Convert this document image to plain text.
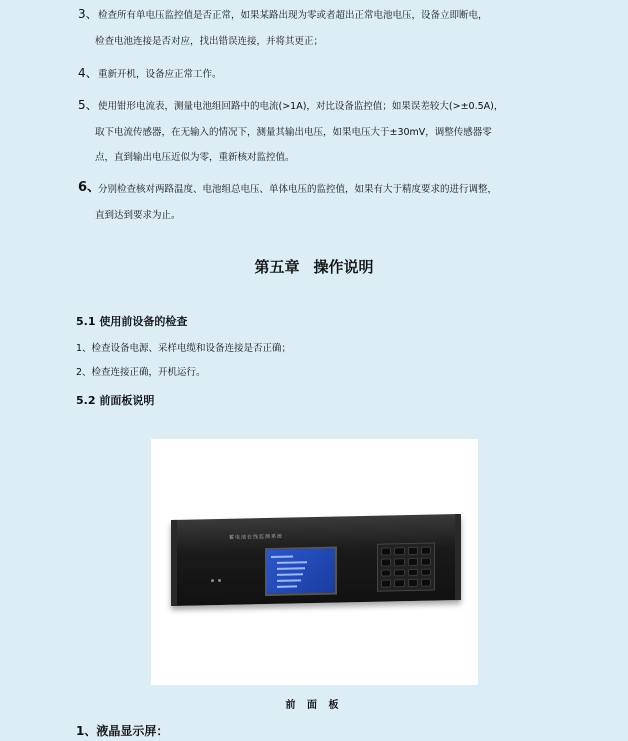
3、 检查所有单电压监控值是否正常，如果某路出现为零或者超出正常电池电压，设备立即断电，
检查电池连接是否对应，找出错误连接，并将其更正；
4、 重新开机，设备应正常工作。
5、 使用钳形电流表，测量电池组回路中的电流(>1A)，对比设备监控值；如果误差较大(>±0.5A)，
取下电流传感器，在无输入的情况下，测量其输出电压，如果电压大于±30mV，调整传感器零
点，直到输出电压近似为零，重新核对监控值。
6、
分别检查核对两路温度、电池组总电压、单体电压的监控值，如果有大于精度要求的进行调整，
直到达到要求为止。
第五章 操作说明
5.1 使用前设备的检查
1、检查设备电源、采样电缆和设备连接是否正确；
2、检查连接正确，开机运行。
5.2 前面板说明
蓄电池在线监测系统
前 面 板
1、液晶显示屏：
